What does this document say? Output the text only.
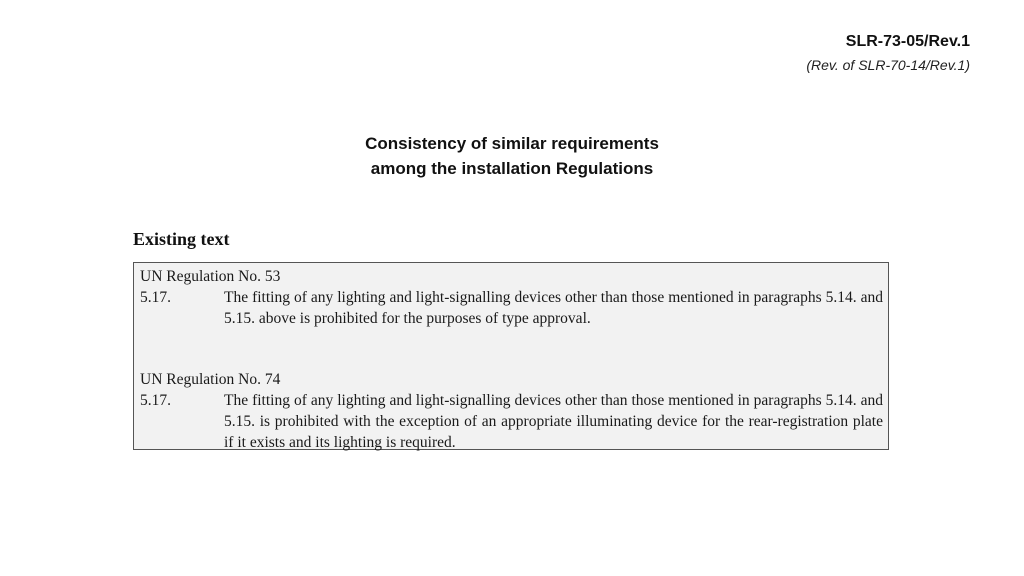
SLR-73-05/Rev.1
(Rev. of SLR-70-14/Rev.1)
Consistency of similar requirements
among the installation Regulations
Existing text
UN Regulation No. 53
5.17.	The fitting of any lighting and light-signalling devices other than those mentioned in paragraphs 5.14. and 5.15. above is prohibited for the purposes of type approval.
UN Regulation No. 74
5.17.	The fitting of any lighting and light-signalling devices other than those mentioned in paragraphs 5.14. and 5.15. is prohibited with the exception of an appropriate illuminating device for the rear-registration plate if it exists and its lighting is required.
